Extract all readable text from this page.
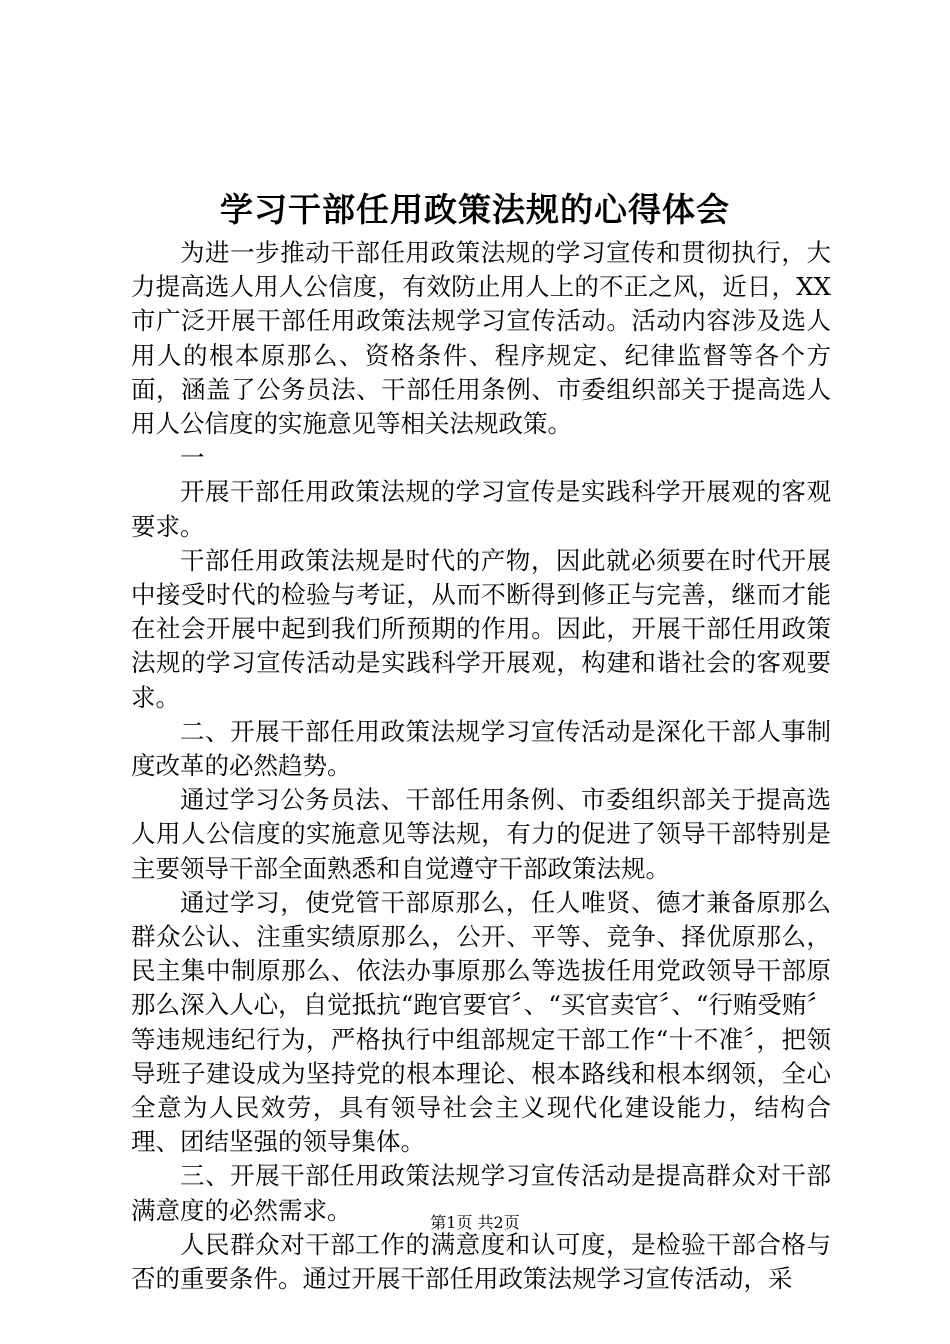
学习干部任用政策法规的心得体会

为进一步推动干部任用政策法规的学习宣传和贯彻执行，大力提高选人用人公信度，有效防止用人上的不正之风，近日，XX市广泛开展干部任用政策法规学习宣传活动。活动内容涉及选人用人的根本原那么、资格条件、程序规定、纪律监督等各个方面，涵盖了公务员法、干部任用条例、市委组织部关于提高选人用人公信度的实施意见等相关法规政策。

一

开展干部任用政策法规的学习宣传是实践科学开展观的客观要求。

干部任用政策法规是时代的产物，因此就必须要在时代开展中接受时代的检验与考证，从而不断得到修正与完善，继而才能在社会开展中起到我们所预期的作用。因此，开展干部任用政策法规的学习宣传活动是实践科学开展观，构建和谐社会的客观要求。

二、开展干部任用政策法规学习宣传活动是深化干部人事制度改革的必然趋势。

通过学习公务员法、干部任用条例、市委组织部关于提高选人用人公信度的实施意见等法规，有力的促进了领导干部特别是主要领导干部全面熟悉和自觉遵守干部政策法规。

通过学习，使党管干部原那么，任人唯贤、德才兼备原那么群众公认、注重实绩原那么，公开、平等、竞争、择优原那么，民主集中制原那么、依法办事原那么等选拔任用党政领导干部原那么深入人心，自觉抵抗“跑官要官〞、“买官卖官〞、“行贿受贿〞等违规违纪行为，严格执行中组部规定干部工作“十不准〞，把领导班子建设成为坚持党的根本理论、根本路线和根本纲领，全心全意为人民效劳，具有领导社会主义现代化建设能力，结构合理、团结坚强的领导集体。

三、开展干部任用政策法规学习宣传活动是提高群众对干部满意度的必然需求。

人民群众对干部工作的满意度和认可度，是检验干部合格与否的重要条件。通过开展干部任用政策法规学习宣传活动，采

第1页 共2页
